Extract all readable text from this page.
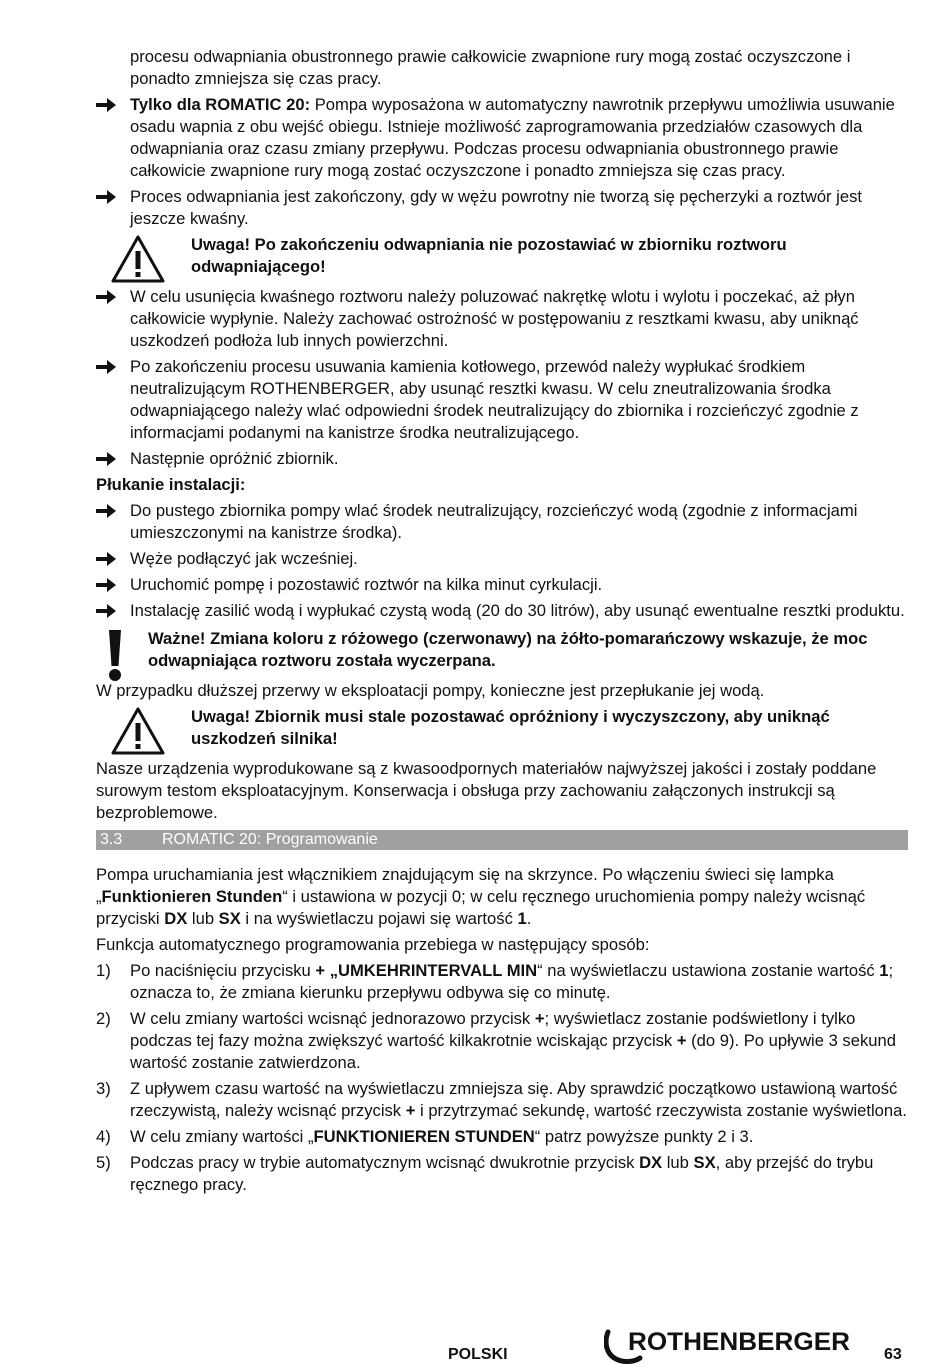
procesu odwapniania obustronnego prawie całkowicie zwapnione rury mogą zostać oczyszczone i ponadto zmniejsza się czas pracy.

Tylko dla ROMATIC 20: Pompa wyposażona w automatyczny nawrotnik przepływu umożliwia usuwanie osadu wapnia z obu wejść obiegu. Istnieje możliwość zaprogramowania przedziałów czasowych dla odwapniania oraz czasu zmiany przepływu. Podczas procesu odwapniania obustronnego prawie całkowicie zwapnione rury mogą zostać oczyszczone i ponadto zmniejsza się czas pracy.
Proces odwapniania jest zakończony, gdy w wężu powrotny nie tworzą się pęcherzyki a roztwór jest jeszcze kwaśny.
Uwaga! Po zakończeniu odwapniania nie pozostawiać w zbiorniku roztworu odwapniającego!
W celu usunięcia kwaśnego roztworu należy poluzować nakrętkę wlotu i wylotu i poczekać, aż płyn całkowicie wypłynie. Należy zachować ostrożność w postępowaniu z resztkami kwasu, aby uniknąć uszkodzeń podłoża lub innych powierzchni.
Po zakończeniu procesu usuwania kamienia kotłowego, przewód należy wypłukać środkiem neutralizującym ROTHENBERGER, aby usunąć resztki kwasu. W celu zneutralizowania środka odwapniającego należy wlać odpowiedni środek neutralizujący do zbiornika i rozcieńczyć zgodnie z informacjami podanymi na kanistrze środka neutralizującego.
Następnie opróżnić zbiornik.

Płukanie instalacji:

Do pustego zbiornika pompy wlać środek neutralizujący, rozcieńczyć wodą (zgodnie z informacjami umieszczonymi na kanistrze środka).
Węże podłączyć jak wcześniej.
Uruchomić pompę i pozostawić roztwór na kilka minut cyrkulacji.
Instalację zasilić wodą i wypłukać czystą wodą (20 do 30 litrów), aby usunąć ewentualne resztki produktu.
Ważne! Zmiana koloru z różowego (czerwonawy) na żółto-pomarańczowy wskazuje, że moc odwapniająca roztworu została wyczerpana.

W przypadku dłuższej przerwy w eksploatacji pompy, konieczne jest przepłukanie jej wodą.

Uwaga! Zbiornik musi stale pozostawać opróżniony i wyczyszczony, aby uniknąć uszkodzeń silnika!

Nasze urządzenia wyprodukowane są z kwasoodpornych materiałów najwyższej jakości i zostały poddane surowym testom eksploatacyjnym. Konserwacja i obsługa przy zachowaniu załączonych instrukcji są bezproblemowe.

3.3 ROMATIC 20: Programowanie

Pompa uruchamiania jest włącznikiem znajdującym się na skrzynce. Po włączeniu świeci się lampka „Funktionieren Stunden“ i ustawiona w pozycji 0; w celu ręcznego uruchomienia pompy należy wcisnąć przyciski DX lub SX i na wyświetlaczu pojawi się wartość 1.

Funkcja automatycznego programowania przebiega w następujący sposób:

1) Po naciśnięciu przycisku + „UMKEHRINTERVALL MIN“ na wyświetlaczu ustawiona zostanie wartość 1; oznacza to, że zmiana kierunku przepływu odbywa się co minutę.
2) W celu zmiany wartości wcisnąć jednorazowo przycisk +; wyświetlacz zostanie podświetlony i tylko podczas tej fazy można zwiększyć wartość kilkakrotnie wciskając przycisk + (do 9). Po upływie 3 sekund wartość zostanie zatwierdzona.
3) Z upływem czasu wartość na wyświetlaczu zmniejsza się. Aby sprawdzić początkowo ustawioną wartość rzeczywistą, należy wcisnąć przycisk + i przytrzymać sekundę, wartość rzeczywista zostanie wyświetlona.
4) W celu zmiany wartości „FUNKTIONIEREN STUNDEN“ patrz powyższe punkty 2 i 3.
5) Podczas pracy w trybie automatycznym wcisnąć dwukrotnie przycisk DX lub SX, aby przejść do trybu ręcznego pracy.
POLSKI	ROTHENBERGER 63
